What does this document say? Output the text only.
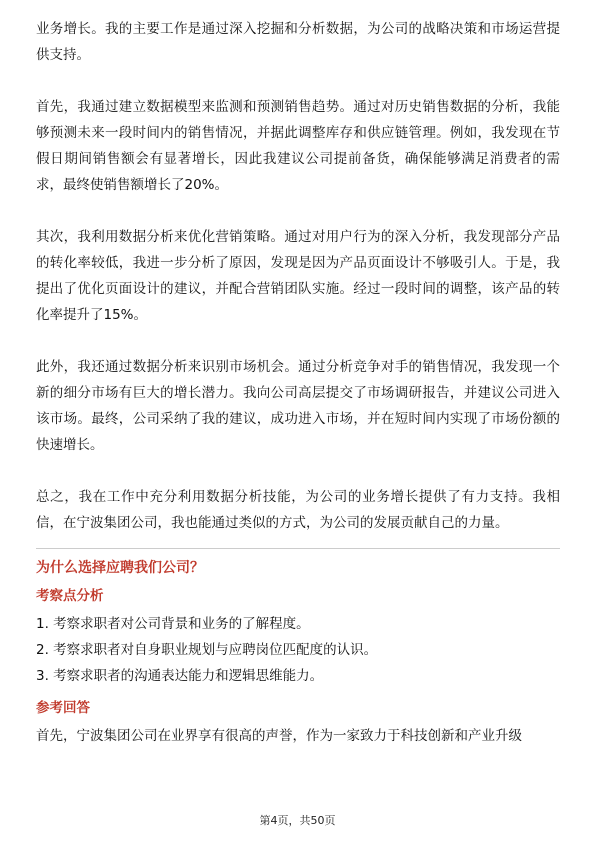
业务增长。我的主要工作是通过深入挖掘和分析数据，为公司的战略决策和市场运营提供支持。

首先，我通过建立数据模型来监测和预测销售趋势。通过对历史销售数据的分析，我能够预测未来一段时间内的销售情况，并据此调整库存和供应链管理。例如，我发现在节假日期间销售额会有显著增长，因此我建议公司提前备货，确保能够满足消费者的需求，最终使销售额增长了20%。

其次，我利用数据分析来优化营销策略。通过对用户行为的深入分析，我发现部分产品的转化率较低，我进一步分析了原因，发现是因为产品页面设计不够吸引人。于是，我提出了优化页面设计的建议，并配合营销团队实施。经过一段时间的调整，该产品的转化率提升了15%。

此外，我还通过数据分析来识别市场机会。通过分析竞争对手的销售情况，我发现一个新的细分市场有巨大的增长潜力。我向公司高层提交了市场调研报告，并建议公司进入该市场。最终，公司采纳了我的建议，成功进入市场，并在短时间内实现了市场份额的快速增长。

总之，我在工作中充分利用数据分析技能，为公司的业务增长提供了有力支持。我相信，在宁波集团公司，我也能通过类似的方式，为公司的发展贡献自己的力量。

为什么选择应聘我们公司？

考察点分析

1. 考察求职者对公司背景和业务的了解程度。

2. 考察求职者对自身职业规划与应聘岗位匹配度的认识。

3. 考察求职者的沟通表达能力和逻辑思维能力。

参考回答

首先，宁波集团公司在业界享有很高的声誉，作为一家致力于科技创新和产业升级

第4页，共50页
